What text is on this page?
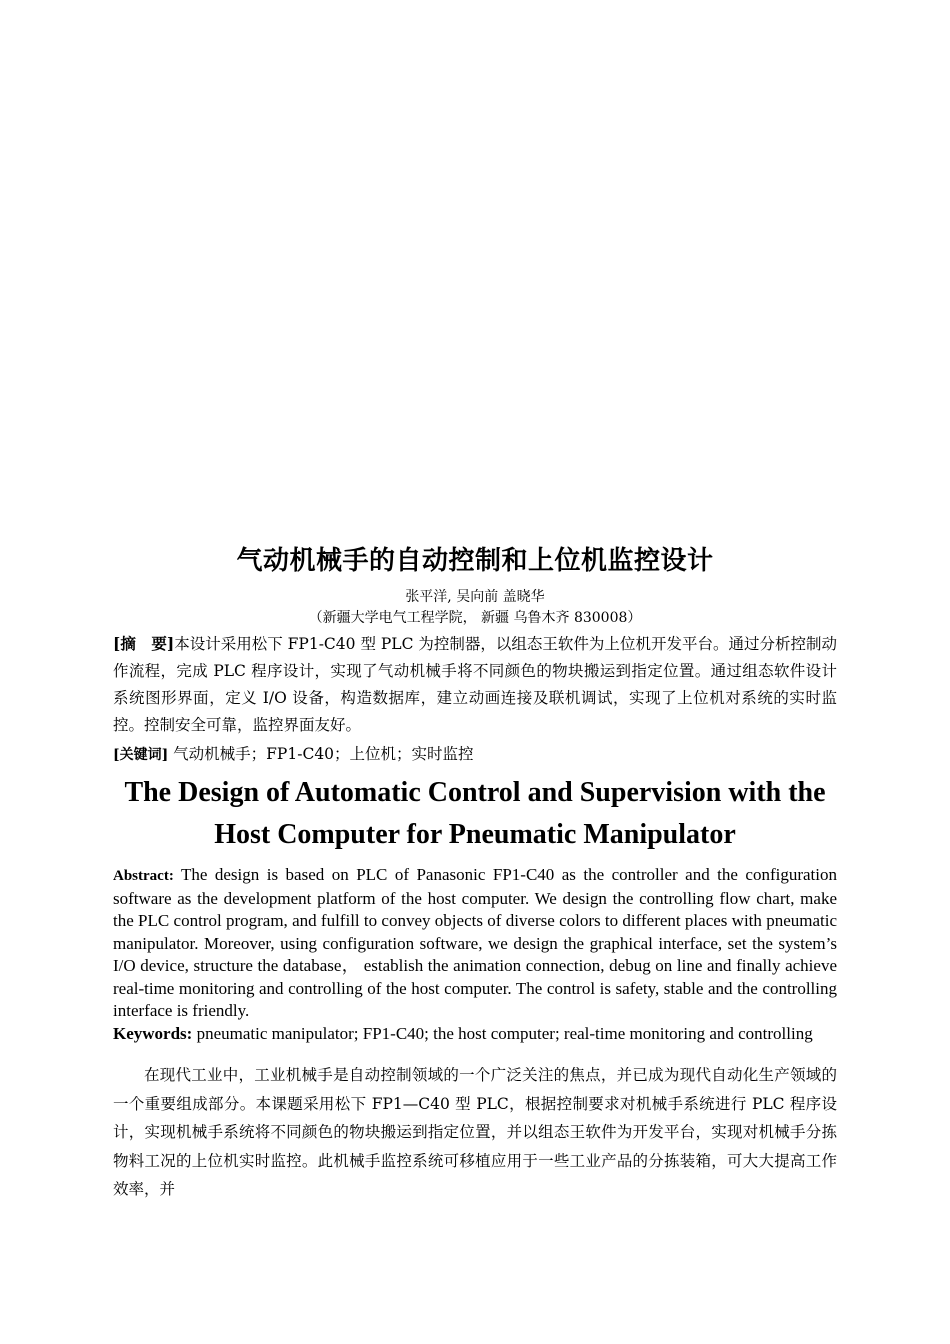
气动机械手的自动控制和上位机监控设计
张平洋, 吴向前 盖晓华
（新疆大学电气工程学院， 新疆 乌鲁木齐 830008）

[摘　要]本设计采用松下 FP1-C40 型 PLC 为控制器，以组态王软件为上位机开发平台。通过分析控制动作流程，完成 PLC 程序设计，实现了气动机械手将不同颜色的物块搬运到指定位置。通过组态软件设计系统图形界面，定义 I/O 设备，构造数据库，建立动画连接及联机调试，实现了上位机对系统的实时监控。控制安全可靠，监控界面友好。

[关键词] 气动机械手；FP1-C40；上位机；实时监控

The Design of Automatic Control and Supervision with the Host Computer for Pneumatic Manipulator

Abstract: The design is based on PLC of Panasonic FP1-C40 as the controller and the configuration software as the development platform of the host computer. We design the controlling flow chart, make the PLC control program, and fulfill to convey objects of diverse colors to different places with pneumatic manipulator. Moreover, using configuration software, we design the graphical interface, set the system’s I/O device, structure the database， establish the animation connection, debug on line and finally achieve real-time monitoring and controlling of the host computer. The control is safety, stable and the controlling interface is friendly.

Keywords: pneumatic manipulator; FP1-C40; the host computer; real-time monitoring and controlling

在现代工业中，工业机械手是自动控制领域的一个广泛关注的焦点，并已成为现代自动化生产领域的一个重要组成部分。本课题采用松下 FP1—C40 型 PLC，根据控制要求对机械手系统进行 PLC 程序设计，实现机械手系统将不同颜色的物块搬运到指定位置，并以组态王软件为开发平台，实现对机械手分拣物料工况的上位机实时监控。此机械手监控系统可移植应用于一些工业产品的分拣装箱，可大大提高工作效率，并
